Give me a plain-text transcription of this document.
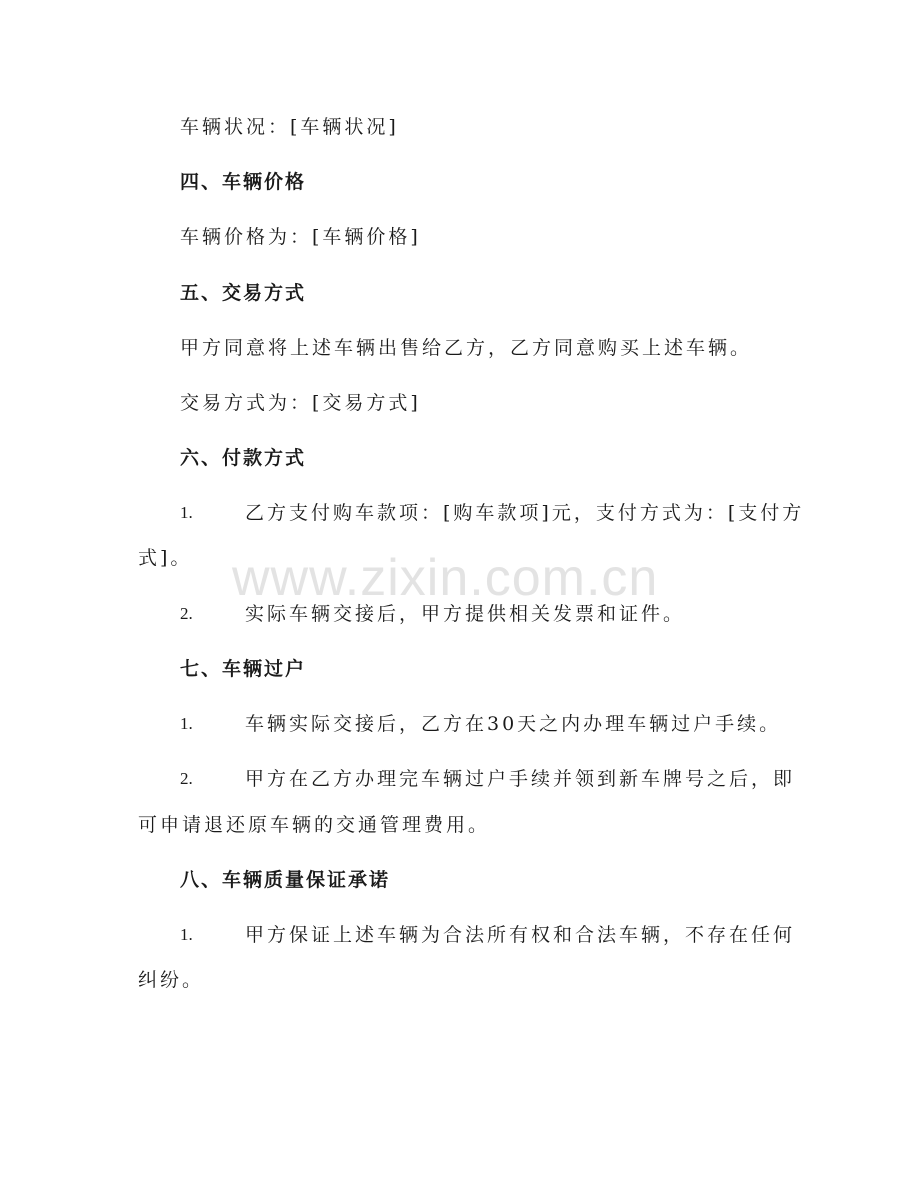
www.zixin.com.cn
车辆状况：[车辆状况]
四、车辆价格
车辆价格为：[车辆价格]
五、交易方式
甲方同意将上述车辆出售给乙方，乙方同意购买上述车辆。
交易方式为：[交易方式]
六、付款方式
1.	乙方支付购车款项：[购车款项]元，支付方式为：[支付方
式]。
2.	实际车辆交接后，甲方提供相关发票和证件。
七、车辆过户
1.	车辆实际交接后，乙方在30天之内办理车辆过户手续。
2.	甲方在乙方办理完车辆过户手续并领到新车牌号之后，即
可申请退还原车辆的交通管理费用。
八、车辆质量保证承诺
1.	甲方保证上述车辆为合法所有权和合法车辆，不存在任何
纠纷。
